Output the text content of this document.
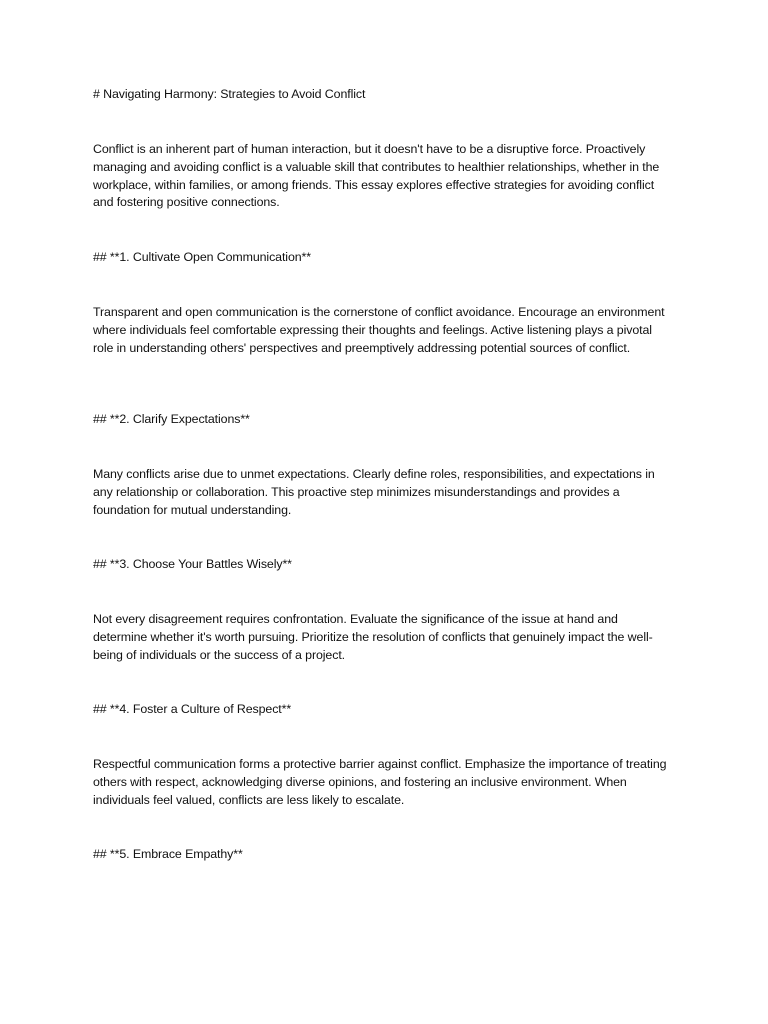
# Navigating Harmony: Strategies to Avoid Conflict
Conflict is an inherent part of human interaction, but it doesn't have to be a disruptive force. Proactively managing and avoiding conflict is a valuable skill that contributes to healthier relationships, whether in the workplace, within families, or among friends. This essay explores effective strategies for avoiding conflict and fostering positive connections.
## **1. Cultivate Open Communication**
Transparent and open communication is the cornerstone of conflict avoidance. Encourage an environment where individuals feel comfortable expressing their thoughts and feelings. Active listening plays a pivotal role in understanding others' perspectives and preemptively addressing potential sources of conflict.
## **2. Clarify Expectations**
Many conflicts arise due to unmet expectations. Clearly define roles, responsibilities, and expectations in any relationship or collaboration. This proactive step minimizes misunderstandings and provides a foundation for mutual understanding.
## **3. Choose Your Battles Wisely**
Not every disagreement requires confrontation. Evaluate the significance of the issue at hand and determine whether it's worth pursuing. Prioritize the resolution of conflicts that genuinely impact the well-being of individuals or the success of a project.
## **4. Foster a Culture of Respect**
Respectful communication forms a protective barrier against conflict. Emphasize the importance of treating others with respect, acknowledging diverse opinions, and fostering an inclusive environment. When individuals feel valued, conflicts are less likely to escalate.
## **5. Embrace Empathy**
